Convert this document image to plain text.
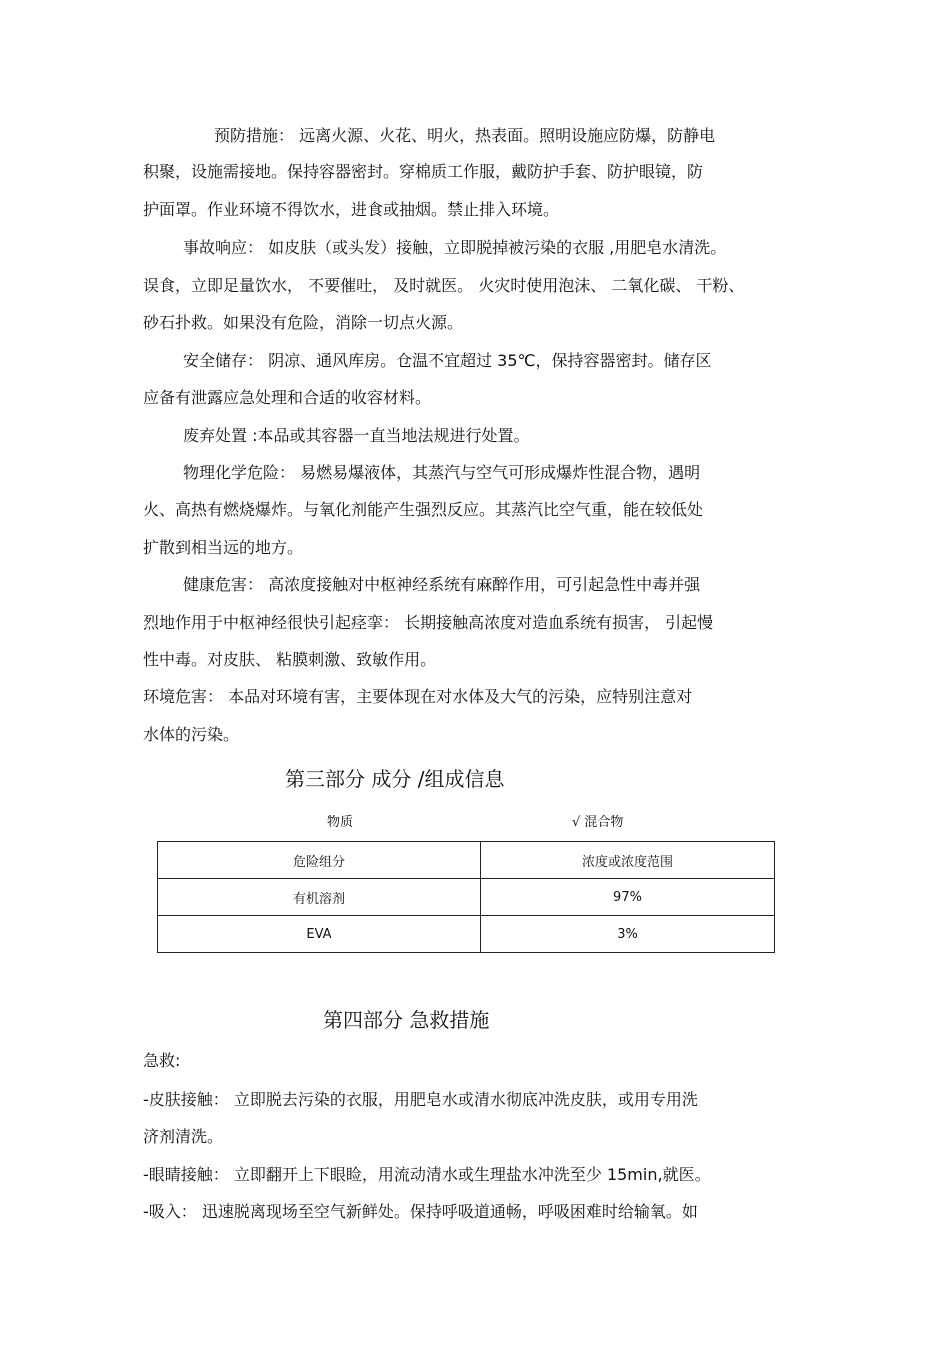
预防措施： 远离火源、火花、明火，热表面。照明设施应防爆，防静电
积聚，设施需接地。保持容器密封。穿棉质工作服，戴防护手套、防护眼镜，防
护面罩。作业环境不得饮水，进食或抽烟。禁止排入环境。
事故响应： 如皮肤（或头发）接触，立即脱掉被污染的衣服 ,用肥皂水清洗。
误食，立即足量饮水， 不要催吐， 及时就医。 火灾时使用泡沫、 二氧化碳、 干粉、
砂石扑救。如果没有危险，消除一切点火源。
安全储存： 阴凉、通风库房。仓温不宜超过 35℃，保持容器密封。储存区
应备有泄露应急处理和合适的收容材料。
废弃处置 :本品或其容器一直当地法规进行处置。
物理化学危险： 易燃易爆液体，其蒸汽与空气可形成爆炸性混合物，遇明
火、高热有燃烧爆炸。与氧化剂能产生强烈反应。其蒸汽比空气重，能在较低处
扩散到相当远的地方。
健康危害： 高浓度接触对中枢神经系统有麻醉作用，可引起急性中毒并强
烈地作用于中枢神经很快引起痉挛： 长期接触高浓度对造血系统有损害， 引起慢
性中毒。对皮肤、 粘膜刺激、致敏作用。
环境危害： 本品对环境有害，主要体现在对水体及大气的污染，应特别注意对
水体的污染。
第三部分 成分 /组成信息
物质	√ 混合物
危险组分	浓度或浓度范围
有机溶剂	97%
EVA	3%
第四部分 急救措施
急救:
-皮肤接触： 立即脱去污染的衣服，用肥皂水或清水彻底冲洗皮肤，或用专用洗
济剂清洗。
-眼睛接触： 立即翻开上下眼睑，用流动清水或生理盐水冲洗至少 15min,就医。
-吸入： 迅速脱离现场至空气新鲜处。保持呼吸道通畅，呼吸困难时给输氧。如
